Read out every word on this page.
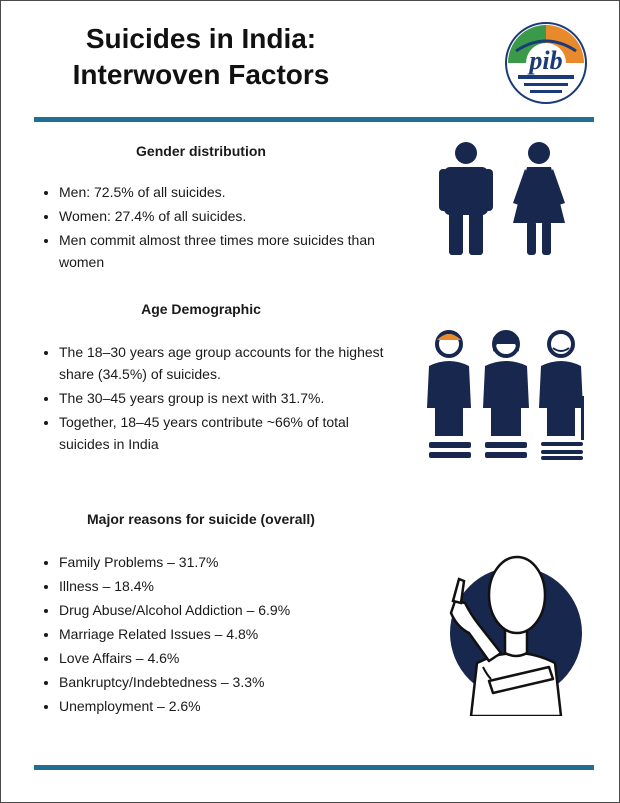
Suicides in India:
Interwoven Factors	pib
Gender distribution
• Men: 72.5% of all suicides.
• Women: 27.4% of all suicides.
• Men commit almost three times more suicides than women
Age Demographic
• The 18–30 years age group accounts for the highest share (34.5%) of suicides.
• The 30–45 years group is next with 31.7%.
• Together, 18–45 years contribute ~66% of total suicides in India
Major reasons for suicide (overall)
• Family Problems – 31.7%
• Illness – 18.4%
• Drug Abuse/Alcohol Addiction – 6.9%
• Marriage Related Issues – 4.8%
• Love Affairs – 4.6%
• Bankruptcy/Indebtedness – 3.3%
• Unemployment – 2.6%
